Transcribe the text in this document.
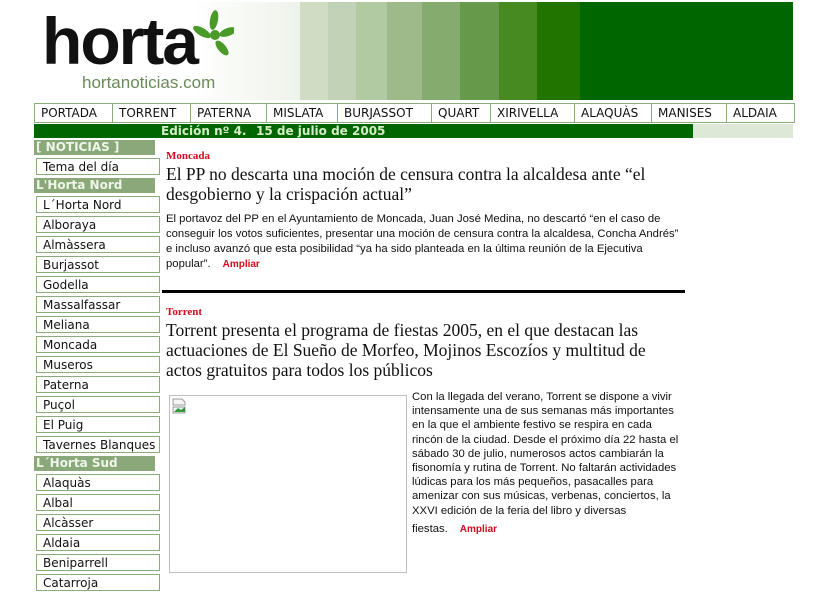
horta
hortanoticias.com
PORTADA	TORRENT	PATERNA	MISLATA	BURJASSOT	QUART	XIRIVELLA	ALAQUÀS	MANISES	ALDAIA
Edición nº 4. 15 de julio de 2005
[ NOTICIAS ]
Tema del día
L'Horta Nord
L´Horta Nord
Alboraya
Almàssera
Burjassot
Godella
Massalfassar
Meliana
Moncada
Museros
Paterna
Puçol
El Puig
Tavernes Blanques
L´Horta Sud
Alaquàs
Albal
Alcàsser
Aldaia
Beniparrell
Catarroja
Moncada
El PP no descarta una moción de censura contra la alcaldesa ante “el desgobierno y la crispación actual”
El portavoz del PP en el Ayuntamiento de Moncada, Juan José Medina, no descartó “en el caso de conseguir los votos suficientes, presentar una moción de censura contra la alcaldesa, Concha Andrés” e incluso avanzó que esta posibilidad “ya ha sido planteada en la última reunión de la Ejecutiva popular”. Ampliar
Torrent
Torrent presenta el programa de fiestas 2005, en el que destacan las actuaciones de El Sueño de Morfeo, Mojinos Escozíos y multitud de actos gratuitos para todos los públicos
Con la llegada del verano, Torrent se dispone a vivir intensamente una de sus semanas más importantes en la que el ambiente festivo se respira en cada rincón de la ciudad. Desde el próximo día 22 hasta el sábado 30 de julio, numerosos actos cambiarán la fisonomía y rutina de Torrent. No faltarán actividades lúdicas para los más pequeños, pasacalles para amenizar con sus músicas, verbenas, conciertos, la XXVI edición de la feria del libro y diversas
fiestas. Ampliar
